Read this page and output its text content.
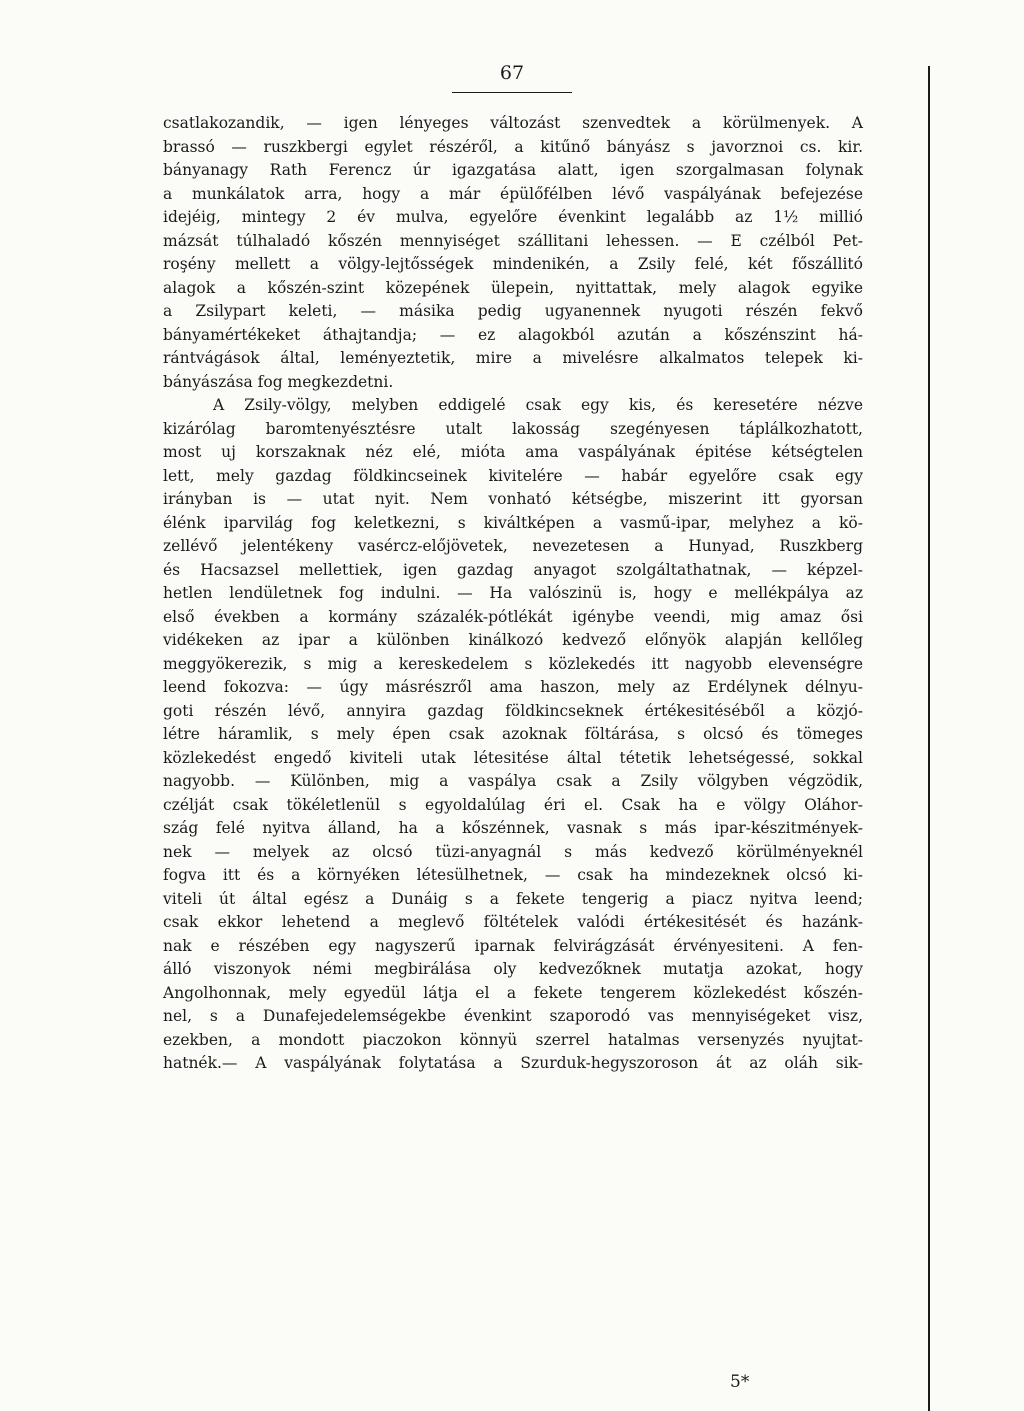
67
csatlakozandik, — igen lényeges változást szenvedtek a körülmenyek. A
brassó — ruszkbergi egylet részéről, a kitűnő bányász s javorznoi cs. kir.
bányanagy Rath Ferencz úr igazgatása alatt, igen szorgalmasan folynak
a munkálatok arra, hogy a már épülőfélben lévő vaspályának befejezése
idejéig, mintegy 2 év mulva, egyelőre évenkint legalább az 1½ millió
mázsát túlhaladó kőszén mennyiséget szállitani lehessen. — E czélból Pet-
roşény mellett a völgy-lejtősségek mindenikén, a Zsily felé, két főszállitó
alagok a kőszén-szint közepének ülepein, nyittattak, mely alagok egyike
a Zsilypart keleti, — másika pedig ugyanennek nyugoti részén fekvő
bányamértékeket áthajtandja; — ez alagokból azután a kőszénszint há-
rántvágások által, leményeztetik, mire a mivelésre alkalmatos telepek ki-
bányászása fog megkezdetni.
A Zsily-völgy, melyben eddigelé csak egy kis, és keresetére nézve
kizárólag baromtenyésztésre utalt lakosság szegényesen táplálkozhatott,
most uj korszaknak néz elé, mióta ama vaspályának épitése kétségtelen
lett, mely gazdag földkincseinek kivitelére — habár egyelőre csak egy
irányban is — utat nyit. Nem vonható kétségbe, miszerint itt gyorsan
élénk iparvilág fog keletkezni, s kiváltképen a vasmű-ipar, melyhez a kö-
zellévő jelentékeny vasércz-előjövetek, nevezetesen a Hunyad, Ruszkberg
és Hacsazsel mellettiek, igen gazdag anyagot szolgáltathatnak, — képzel-
hetlen lendületnek fog indulni. — Ha valószinü is, hogy e mellékpálya az
első években a kormány százalék-pótlékát igénybe veendi, mig amaz ősi
vidékeken az ipar a különben kinálkozó kedvező előnyök alapján kellőleg
meggyökerezik, s mig a kereskedelem s közlekedés itt nagyobb elevenségre
leend fokozva: — úgy másrészről ama haszon, mely az Erdélynek délnyu-
goti részén lévő, annyira gazdag földkincseknek értékesitéséből a közjó-
létre háramlik, s mely épen csak azoknak föltárása, s olcsó és tömeges
közlekedést engedő kiviteli utak létesitése által tétetik lehetségessé, sokkal
nagyobb. — Különben, mig a vaspálya csak a Zsily völgyben végzödik,
czélját csak tökéletlenül s egyoldalúlag éri el. Csak ha e völgy Oláhor-
szág felé nyitva álland, ha a kőszénnek, vasnak s más ipar-készitmények-
nek — melyek az olcsó tüzi-anyagnál s más kedvező körülményeknél
fogva itt és a környéken létesülhetnek, — csak ha mindezeknek olcsó ki-
viteli út által egész a Dunáig s a fekete tengerig a piacz nyitva leend;
csak ekkor lehetend a meglevő föltételek valódi értékesitését és hazánk-
nak e részében egy nagyszerű iparnak felvirágzását érvényesiteni. A fen-
álló viszonyok némi megbirálása oly kedvezőknek mutatja azokat, hogy
Angolhonnak, mely egyedül látja el a fekete tengerem közlekedést kőszén-
nel, s a Dunafejedelemségekbe évenkint szaporodó vas mennyiségeket visz,
ezekben, a mondott piaczokon könnyü szerrel hatalmas versenyzés nyujtat-
hatnék.— A vaspályának folytatása a Szurduk-hegyszoroson át az oláh sik-
5*
